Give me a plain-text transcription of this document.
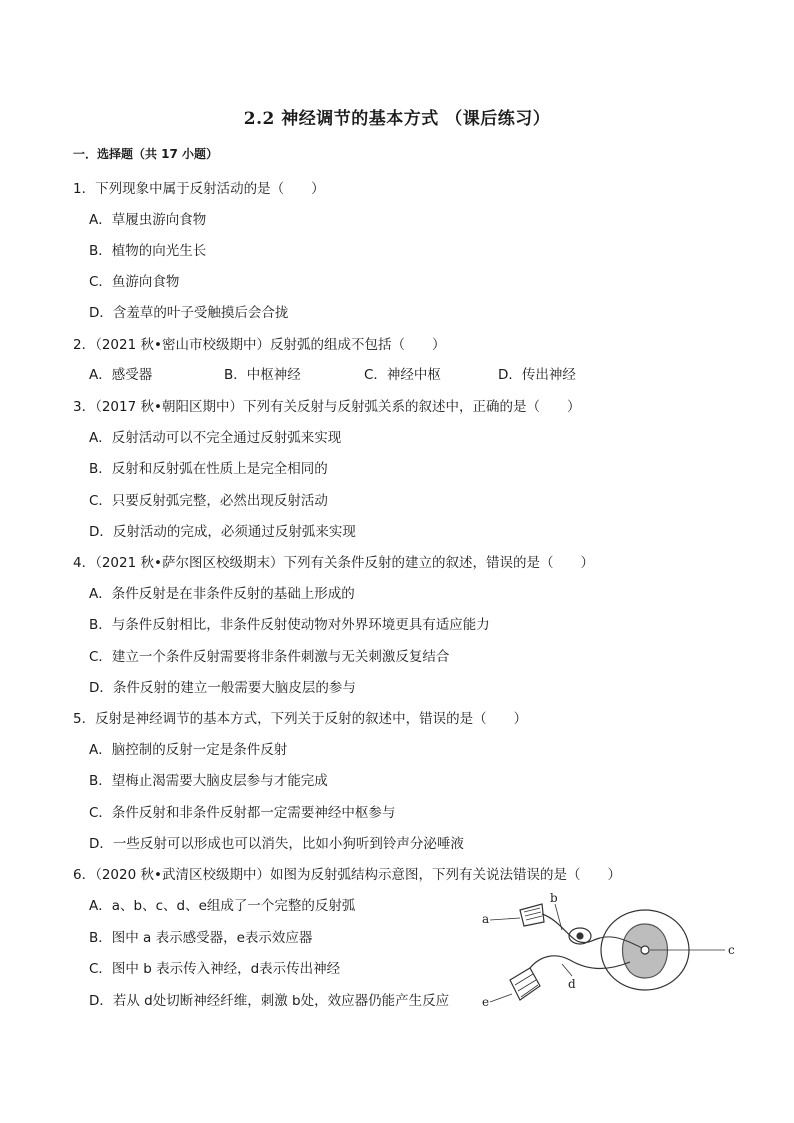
2.2 神经调节的基本方式 （课后练习）
一．选择题（共 17 小题）
1．下列现象中属于反射活动的是（　　）
A．草履虫游向食物
B．植物的向光生长
C．鱼游向食物
D．含羞草的叶子受触摸后会合拢
2．（2021 秋•密山市校级期中）反射弧的组成不包括（　　）
A．感受器	B．中枢神经	C．神经中枢	D．传出神经
3．（2017 秋•朝阳区期中）下列有关反射与反射弧关系的叙述中，正确的是（　　）
A．反射活动可以不完全通过反射弧来实现
B．反射和反射弧在性质上是完全相同的
C．只要反射弧完整，必然出现反射活动
D．反射活动的完成，必须通过反射弧来实现
4．（2021 秋•萨尔图区校级期末）下列有关条件反射的建立的叙述，错误的是（　　）
A．条件反射是在非条件反射的基础上形成的
B．与条件反射相比，非条件反射使动物对外界环境更具有适应能力
C．建立一个条件反射需要将非条件刺激与无关刺激反复结合
D．条件反射的建立一般需要大脑皮层的参与
5．反射是神经调节的基本方式，下列关于反射的叙述中，错误的是（　　）
A．脑控制的反射一定是条件反射
B．望梅止渴需要大脑皮层参与才能完成
C．条件反射和非条件反射都一定需要神经中枢参与
D．一些反射可以形成也可以消失，比如小狗听到铃声分泌唾液
6．（2020 秋•武清区校级期中）如图为反射弧结构示意图，下列有关说法错误的是（　　）
A．a、b、c、d、e组成了一个完整的反射弧
B．图中 a 表示感受器，e表示效应器
C．图中 b 表示传入神经，d表示传出神经
D．若从 d处切断神经纤维，刺激 b处，效应器仍能产生反应
a
b
c
d
e
